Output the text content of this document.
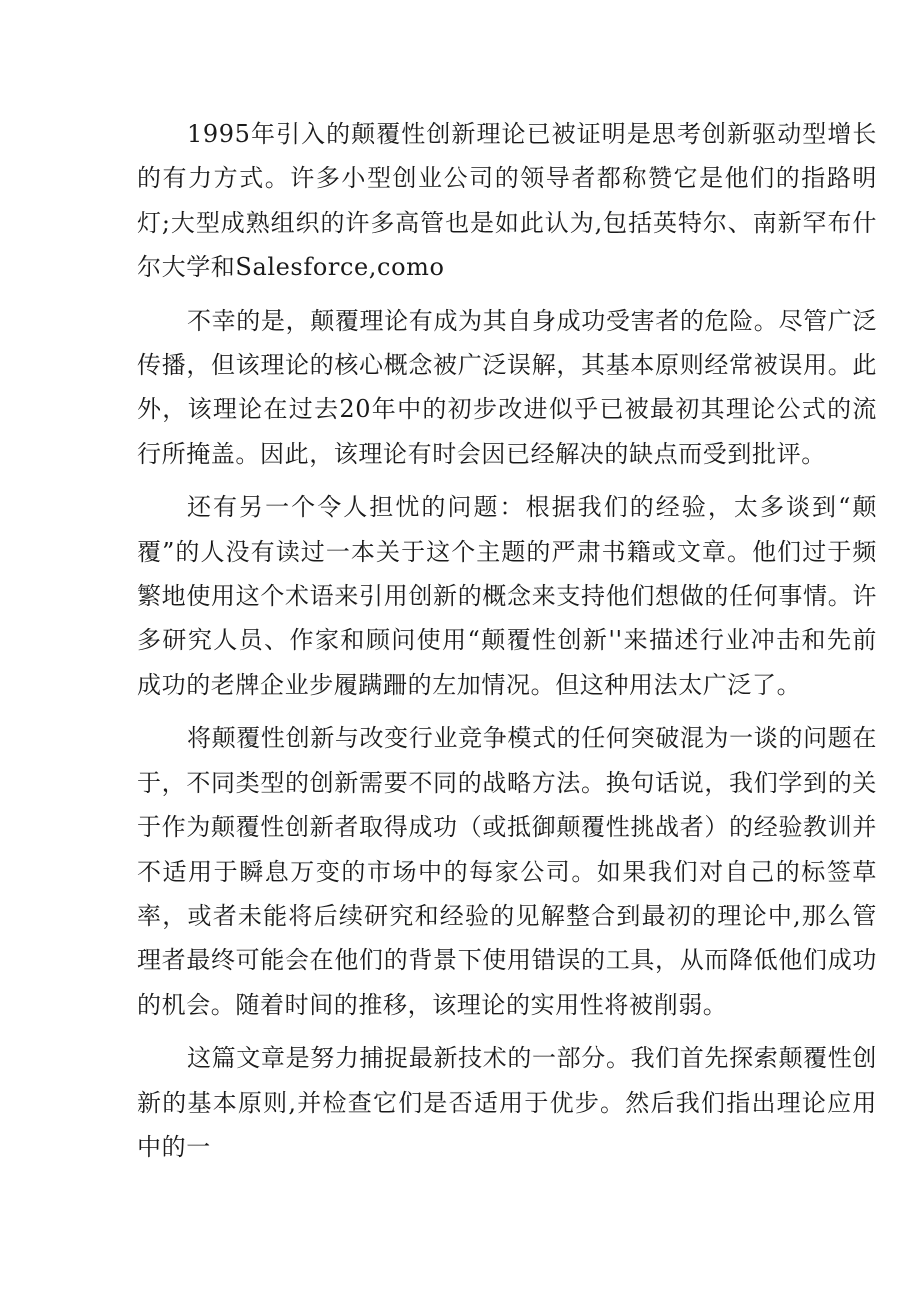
1995年引入的颠覆性创新理论已被证明是思考创新驱动型增长的有力方式。许多小型创业公司的领导者都称赞它是他们的指路明灯;大型成熟组织的许多高管也是如此认为,包括英特尔、南新罕布什尔大学和Salesforce,como

不幸的是，颠覆理论有成为其自身成功受害者的危险。尽管广泛传播，但该理论的核心概念被广泛误解，其基本原则经常被误用。此外，该理论在过去20年中的初步改进似乎已被最初其理论公式的流行所掩盖。因此，该理论有时会因已经解决的缺点而受到批评。

还有另一个令人担忧的问题：根据我们的经验，太多谈到“颠覆”的人没有读过一本关于这个主题的严肃书籍或文章。他们过于频繁地使用这个术语来引用创新的概念来支持他们想做的任何事情。许多研究人员、作家和顾问使用“颠覆性创新''来描述行业冲击和先前成功的老牌企业步履蹒跚的左加情况。但这种用法太广泛了。

将颠覆性创新与改变行业竞争模式的任何突破混为一谈的问题在于，不同类型的创新需要不同的战略方法。换句话说，我们学到的关于作为颠覆性创新者取得成功（或抵御颠覆性挑战者）的经验教训并不适用于瞬息万变的市场中的每家公司。如果我们对自己的标签草率，或者未能将后续研究和经验的见解整合到最初的理论中,那么管理者最终可能会在他们的背景下使用错误的工具，从而降低他们成功的机会。随着时间的推移，该理论的实用性将被削弱。

这篇文章是努力捕捉最新技术的一部分。我们首先探索颠覆性创新的基本原则,并检查它们是否适用于优步。然后我们指出理论应用中的一
